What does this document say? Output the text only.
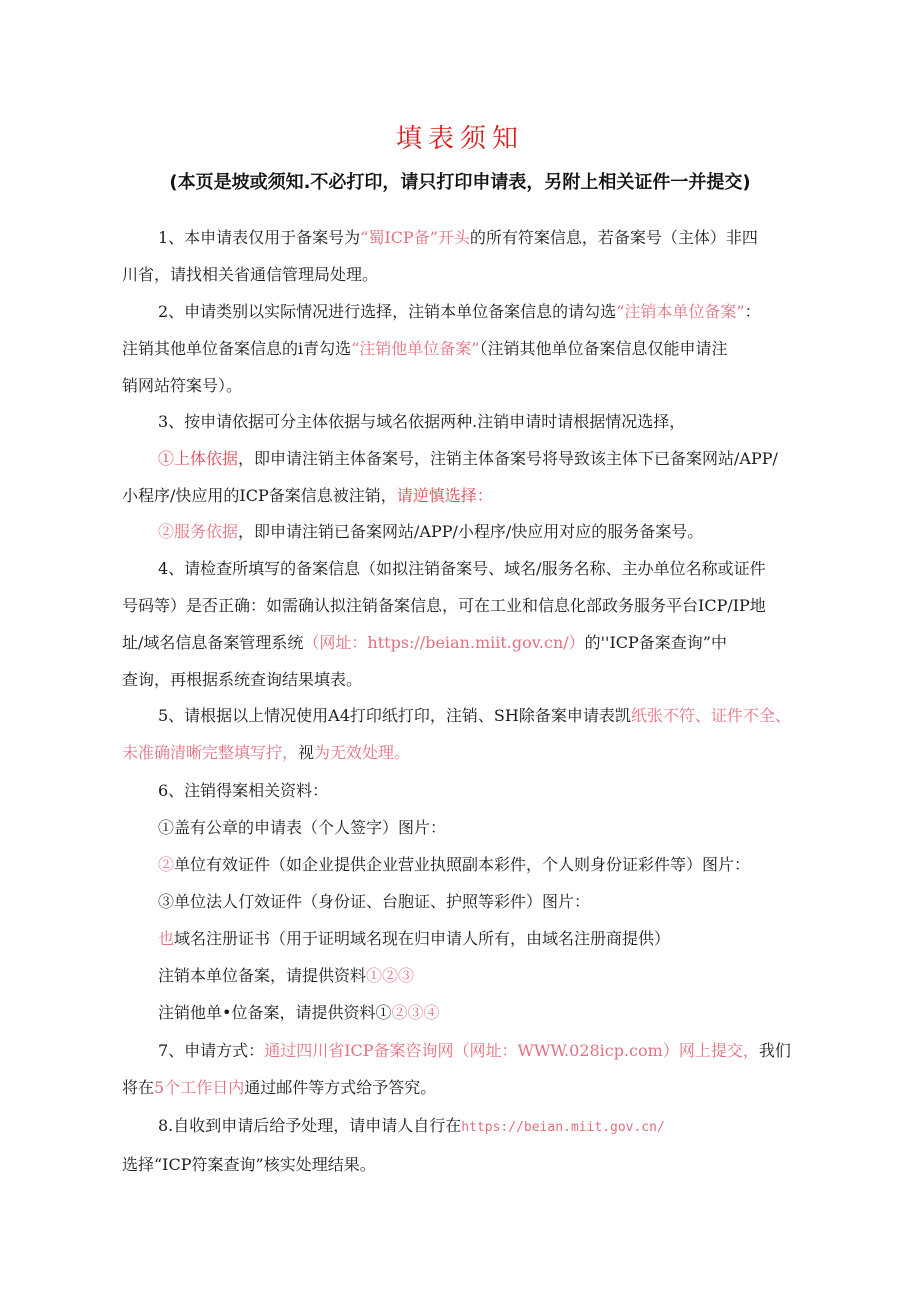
填表须知
(本页是坡或须知.不必打印，请只打印申请表，另附上相关证件一并提交)
1、本申请表仅用于备案号为“蜀ICP备”开头的所有符案信息，若备案号（主体）非四
川省，请找相关省通信管理局处理。
2、申请类别以实际情况进行选择，注销本单位备案信息的请勾选“注销本单位备案”：
注销其他单位备案信息的i青勾选“注销他单位备案”（注销其他单位备案信息仅能申请注
销网站符案号）。
3、按申请依据可分主体依据与域名依据两种.注销申请时请根据情况选择，
①上体依据，即申请注销主体备案号，注销主体备案号将导致该主体下已备案网站/APP/
小程序/快应用的ICP备案信息被注销，请逆慎选择：
②服务依据，即申请注销已备案网站/APP/小程序/快应用对应的服务备案号。
4、请检查所填写的备案信息（如拟注销备案号、域名/服务名称、主办单位名称或证件
号码等）是否正确：如需确认拟注销备案信息，可在工业和信息化部政务服务平台ICP/IP地
址/域名信息备案管理系统（网址：https://beian.miit.gov.cn/）的''ICP备案查询”中
查询，再根据系统查询结果填表。
5、请根据以上情况使用A4打印纸打印，注销、SH除备案申请表凯纸张不符、证件不全、
未准确清晰完整填写拧，视为无效处理。
6、注销得案相关资料：
①盖有公章的申请表（个人签字）图片：
②单位有效证件（如企业提供企业营业执照副本彩件，个人则身份证彩件等）图片：
③单位法人仃效证件（身份证、台胞证、护照等彩件）图片：
也域名注册证书（用于证明域名现在归申请人所有，由域名注册商提供）
注销本单位备案，请提供资料①②③
注销他单•位备案，请提供资料①②③④
7、申请方式：通过四川省ICP备案咨询网（网址：WWW.028icp.com）网上提交，我们
将在5个工作日内通过邮件等方式给予答究。
8.自收到申请后给予处理，请申请人自行在https://beian.miit.gov.cn/
选择“ICP符案查询”核实处理结果。
